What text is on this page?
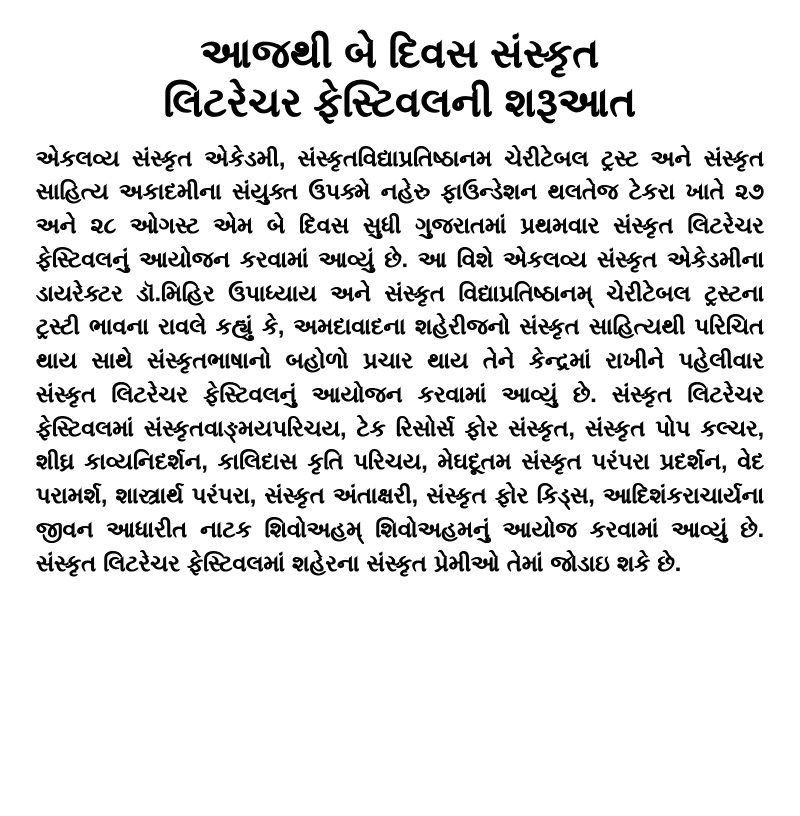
આજથી બે દિવસ સંસ્કૃત
લિટરેચર ફેસ્ટિવલની શરૂઆત

એકલવ્ય સંસ્કૃત એકેડમી, સંસ્કૃતવિદ્યાપ્રતિષ્ઠાનમ ચેરીટેબલ ટ્રસ્ટ અને સંસ્કૃત સાહિત્ય અકાદમીના સંયુક્ત ઉપક્મે નહેરુ ફાઉન્ડેશન થલતેજ ટેકરા ખાતે ૨૭ અને ૨૮ ઓગસ્ટ એમ બે દિવસ સુધી ગુજરાતમાં પ્રથમવાર સંસ્કૃત લિટરેચર ફેસ્ટિવલનું આયોજન કરવામાં આવ્યું છે. આ વિશે એકલવ્ય સંસ્કૃત એકેડમીના ડાયરેક્ટર ડૉ.મિહિર ઉપાધ્યાય અને સંસ્કૃત વિદ્યાપ્રતિષ્ઠાનમ્ ચેરીટેબલ ટ્રસ્ટના ટ્રસ્ટી ભાવના રાવલે કહ્યું કે, અમદાવાદના શહેરીજનો સંસ્કૃત સાહિત્યથી પરિચિત થાય સાથે સંસ્કૃતભાષાનો બહોળો પ્રચાર થાય તેને કેન્દ્રમાં રાખીને પહેલીવાર સંસ્કૃત લિટરેચર ફેસ્ટિવલનું આયોજન કરવામાં આવ્યું છે. સંસ્કૃત લિટરેચર ફેસ્ટિવલમાં સંસ્કૃતવાઙ્મયપરિચય, ટેક રિસોર્સ ફોર સંસ્કૃત, સંસ્કૃત પોપ કલ્ચર, શીઘ્ર કાવ્યનિદર્શન, કાલિદાસ કૃતિ પરિચય, મેઘદૂતમ સંસ્કૃત પરંપરા પ્રદર્શન, વેદ પરામર્શ, શાસ્ત્રાર્થ પરંપરા, સંસ્કૃત અંતાક્ષરી, સંસ્કૃત ફોર કિડ્સ, આદિશંકરાચાર્યના જીવન આધારીત નાટક શિવોઅહમ્ શિવોઅહમનું આયોજ કરવામાં આવ્યું છે. સંસ્કૃત લિટરેચર ફેસ્ટિવલમાં શહેરના સંસ્કૃત પ્રેમીઓ તેમાં જોડાઇ શકે છે.
